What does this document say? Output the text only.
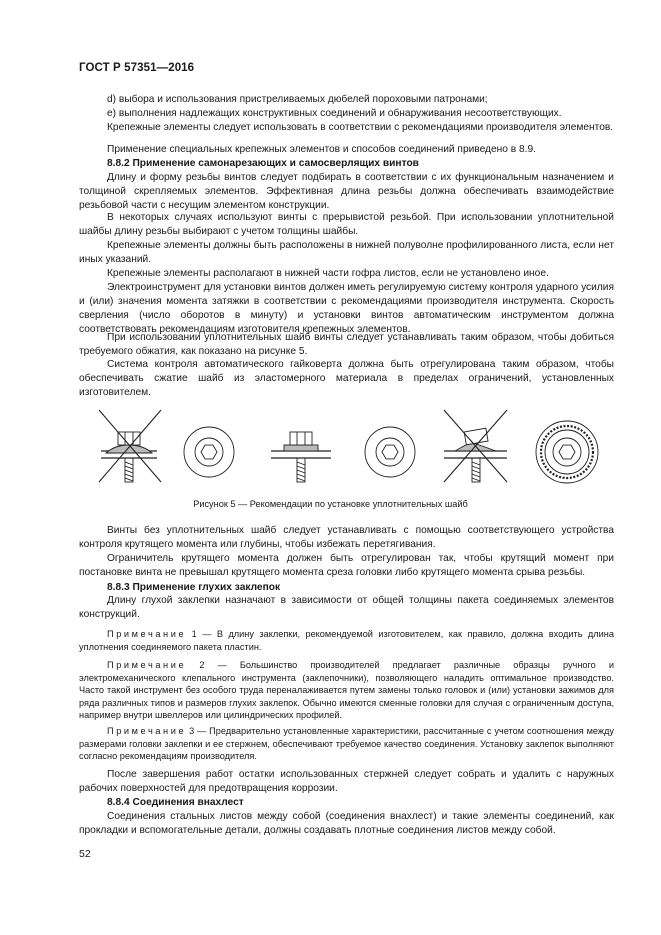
ГОСТ Р 57351—2016
d) выбора и использования пристреливаемых дюбелей пороховыми патронами;
e) выполнения надлежащих конструктивных соединений и обнаруживания несоответствующих.
Крепежные элементы следует использовать в соответствии с рекомендациями производителя элементов.
Применение специальных крепежных элементов и способов соединений приведено в 8.9.
8.8.2 Применение самонарезающих и самосверлящих винтов
Длину и форму резьбы винтов следует подбирать в соответствии с их функциональным назначением и толщиной скрепляемых элементов. Эффективная длина резьбы должна обеспечивать взаимодействие резьбовой части с несущим элементом конструкции.
В некоторых случаях используют винты с прерывистой резьбой. При использовании уплотнительной шайбы длину резьбы выбирают с учетом толщины шайбы.
Крепежные элементы должны быть расположены в нижней полуволне профилированного листа, если нет иных указаний.
Крепежные элементы располагают в нижней части гофра листов, если не установлено иное.
Электроинструмент для установки винтов должен иметь регулируемую систему контроля ударного усилия и (или) значения момента затяжки в соответствии с рекомендациями производителя инструмента. Скорость сверления (число оборотов в минуту) и установки винтов автоматическим инструментом должна соответствовать рекомендациям изготовителя крепежных элементов.
При использовании уплотнительных шайб винты следует устанавливать таким образом, чтобы добиться требуемого обжатия, как показано на рисунке 5.
Система контроля автоматического гайковерта должна быть отрегулирована таким образом, чтобы обеспечивать сжатие шайб из эластомерного материала в пределах ограничений, установленных изготовителем.
Рисунок 5 — Рекомендации по установке уплотнительных шайб
Винты без уплотнительных шайб следует устанавливать с помощью соответствующего устройства контроля крутящего момента или глубины, чтобы избежать перетягивания.
Ограничитель крутящего момента должен быть отрегулирован так, чтобы крутящий момент при постановке винта не превышал крутящего момента среза головки либо крутящего момента срыва резьбы.
8.8.3 Применение глухих заклепок
Длину глухой заклепки назначают в зависимости от общей толщины пакета соединяемых элементов конструкций.
Примечание 1 — В длину заклепки, рекомендуемой изготовителем, как правило, должна входить длина уплотнения соединяемого пакета пластин.
Примечание 2 — Большинство производителей предлагает различные образцы ручного и электромеханического клепального инструмента (заклепочники), позволяющего наладить оптимальное производство. Часто такой инструмент без особого труда переналаживается путем замены только головок и (или) установки зажимов для ряда различных типов и размеров глухих заклепок. Обычно имеются сменные головки для случая с ограниченным доступа, например внутри швеллеров или цилиндрических профилей.
Примечание 3 — Предварительно установленные характеристики, рассчитанные с учетом соотношения между размерами головки заклепки и ее стержнем, обеспечивают требуемое качество соединения. Установку заклепок выполняют согласно рекомендациям производителя.
После завершения работ остатки использованных стержней следует собрать и удалить с наружных рабочих поверхностей для предотвращения коррозии.
8.8.4 Соединения внахлест
Соединения стальных листов между собой (соединения внахлест) и такие элементы соединений, как прокладки и вспомогательные детали, должны создавать плотные соединения листов между собой.
52
